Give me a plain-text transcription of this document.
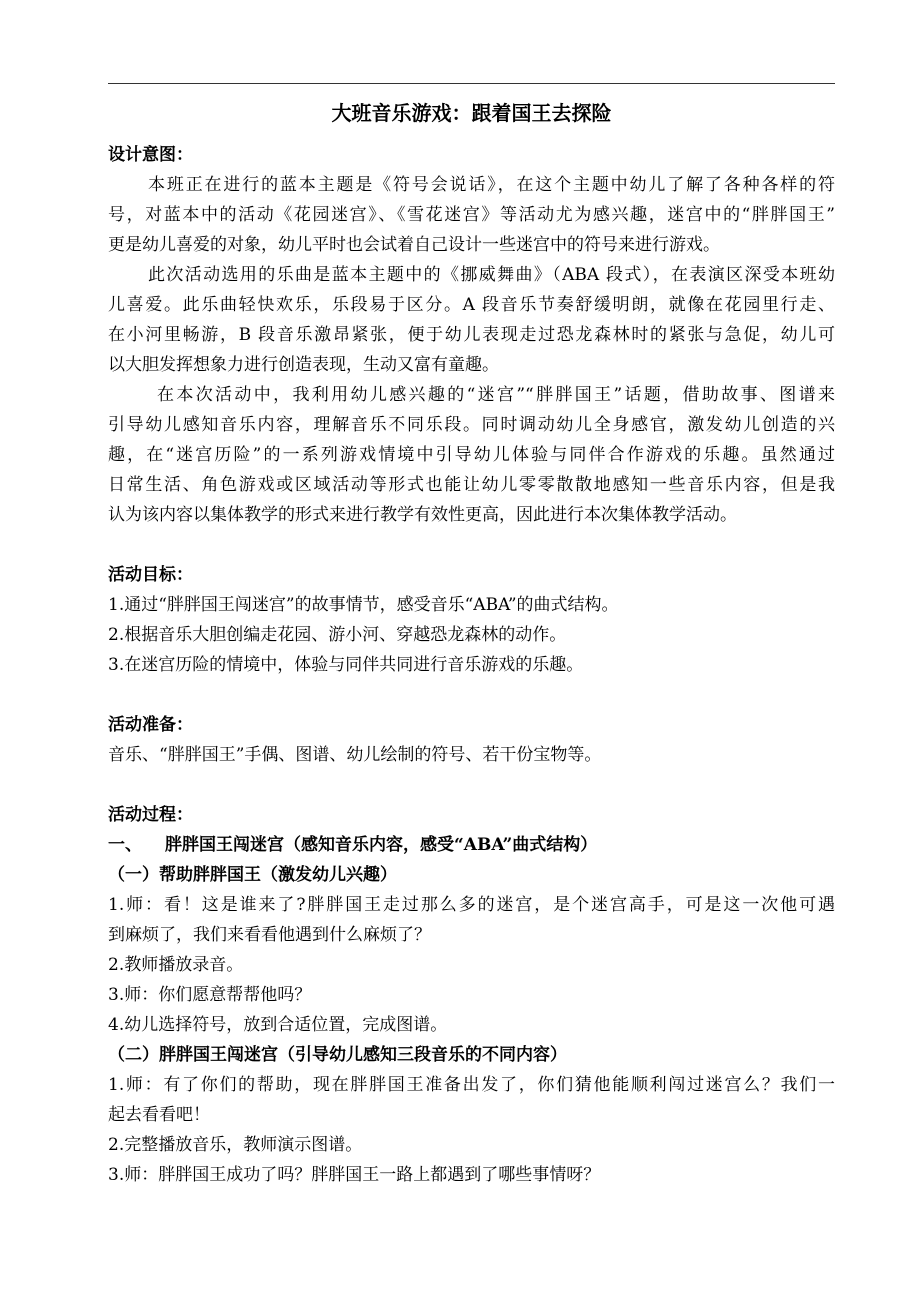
大班音乐游戏：跟着国王去探险
设计意图：
本班正在进行的蓝本主题是《符号会说话》，在这个主题中幼儿了解了各种各样的符
号，对蓝本中的活动《花园迷宫》、《雪花迷宫》等活动尤为感兴趣，迷宫中的“胖胖国王”
更是幼儿喜爱的对象，幼儿平时也会试着自己设计一些迷宫中的符号来进行游戏。
此次活动选用的乐曲是蓝本主题中的《挪威舞曲》（ABA 段式），在表演区深受本班幼
儿喜爱。此乐曲轻快欢乐，乐段易于区分。A 段音乐节奏舒缓明朗，就像在花园里行走、
在小河里畅游，B 段音乐激昂紧张，便于幼儿表现走过恐龙森林时的紧张与急促，幼儿可
以大胆发挥想象力进行创造表现，生动又富有童趣。
在本次活动中，我利用幼儿感兴趣的“迷宫”“胖胖国王”话题，借助故事、图谱来
引导幼儿感知音乐内容，理解音乐不同乐段。同时调动幼儿全身感官，激发幼儿创造的兴
趣，在“迷宫历险”的一系列游戏情境中引导幼儿体验与同伴合作游戏的乐趣。虽然通过
日常生活、角色游戏或区域活动等形式也能让幼儿零零散散地感知一些音乐内容，但是我
认为该内容以集体教学的形式来进行教学有效性更高，因此进行本次集体教学活动。
活动目标：
1.通过“胖胖国王闯迷宫”的故事情节，感受音乐“ABA”的曲式结构。
2.根据音乐大胆创编走花园、游小河、穿越恐龙森林的动作。
3.在迷宫历险的情境中，体验与同伴共同进行音乐游戏的乐趣。
活动准备：
音乐、“胖胖国王”手偶、图谱、幼儿绘制的符号、若干份宝物等。
活动过程：
一、 胖胖国王闯迷宫（感知音乐内容，感受“ABA”曲式结构）
（一）帮助胖胖国王（激发幼儿兴趣）
1.师：看！这是谁来了?胖胖国王走过那么多的迷宫，是个迷宫高手，可是这一次他可遇
到麻烦了，我们来看看他遇到什么麻烦了？
2.教师播放录音。
3.师：你们愿意帮帮他吗？
4.幼儿选择符号，放到合适位置，完成图谱。
（二）胖胖国王闯迷宫（引导幼儿感知三段音乐的不同内容）
1.师：有了你们的帮助，现在胖胖国王准备出发了，你们猜他能顺利闯过迷宫么？我们一
起去看看吧！
2.完整播放音乐，教师演示图谱。
3.师：胖胖国王成功了吗？胖胖国王一路上都遇到了哪些事情呀？
